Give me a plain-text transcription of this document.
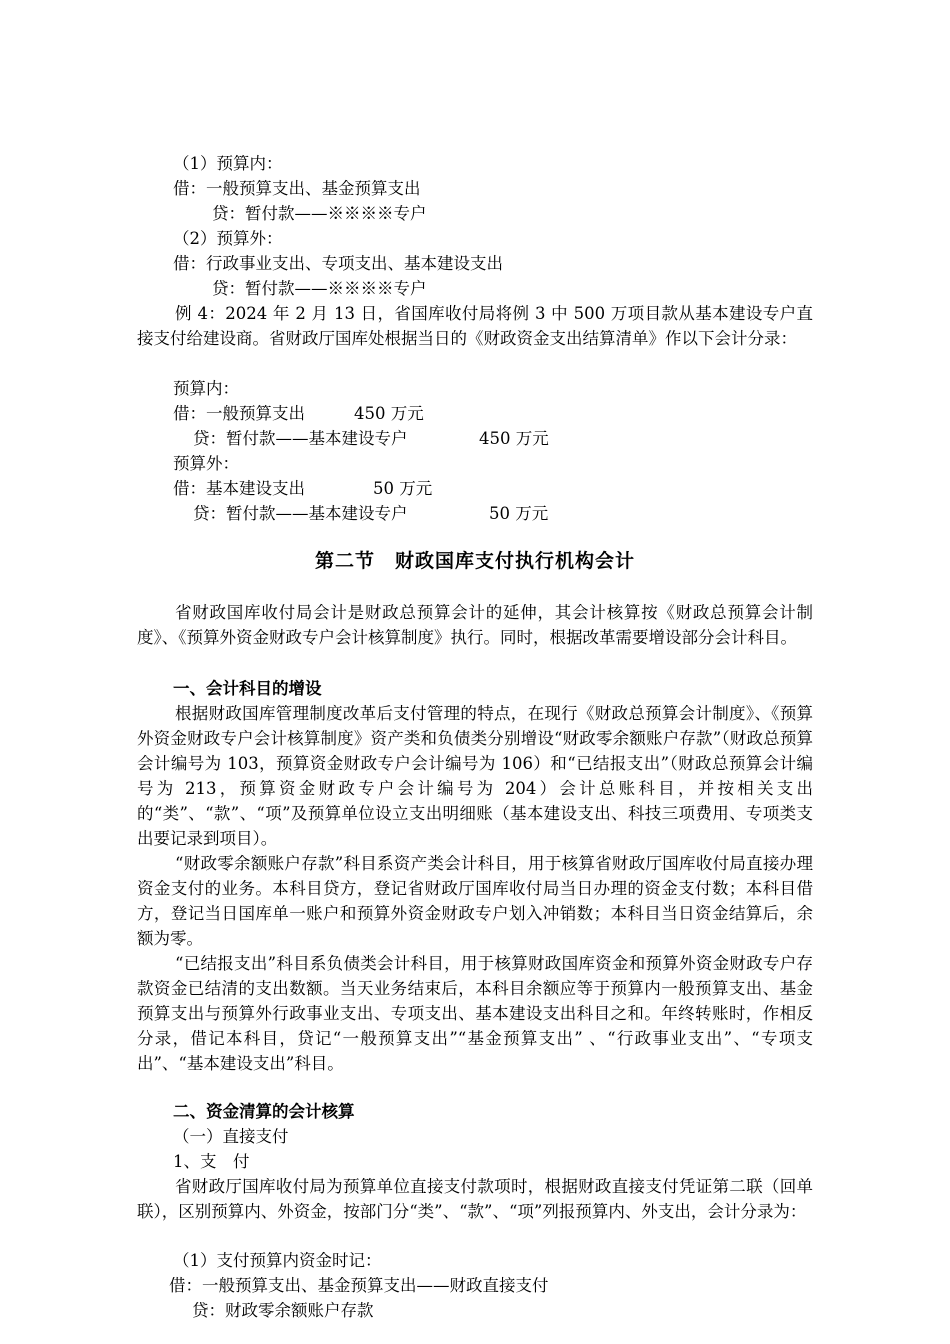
（1）预算内：
借：一般预算支出、基金预算支出
贷：暂付款——※※※※专户
（2）预算外：
借：行政事业支出、专项支出、基本建设支出
贷：暂付款——※※※※专户
例 4：2024 年 2 月 13 日，省国库收付局将例 3 中 500 万项目款从基本建设专户直接支付给建设商。省财政厅国库处根据当日的《财政资金支出结算清单》作以下会计分录：
预算内：
借：一般预算支出	450 万元
贷：暂付款——基本建设专户	450 万元
预算外：
借：基本建设支出	50 万元
贷：暂付款——基本建设专户	50 万元
第二节　财政国库支付执行机构会计
省财政国库收付局会计是财政总预算会计的延伸，其会计核算按《财政总预算会计制度》、《预算外资金财政专户会计核算制度》执行。同时，根据改革需要增设部分会计科目。
一、会计科目的增设
根据财政国库管理制度改革后支付管理的特点，在现行《财政总预算会计制度》、《预算外资金财政专户会计核算制度》资产类和负债类分别增设“财政零余额账户存款”（财政总预算会计编号为 103，预算资金财政专户会计编号为 106）和“已结报支出”（财政总预算会计编号为 213，预算资金财政专户会计编号为 204）会计总账科目，并按相关支出的“类”、“款”、“项”及预算单位设立支出明细账（基本建设支出、科技三项费用、专项类支出要记录到项目）。
“财政零余额账户存款”科目系资产类会计科目，用于核算省财政厅国库收付局直接办理资金支付的业务。本科目贷方，登记省财政厅国库收付局当日办理的资金支付数；本科目借方，登记当日国库单一账户和预算外资金财政专户划入冲销数；本科目当日资金结算后，余额为零。
“已结报支出”科目系负债类会计科目，用于核算财政国库资金和预算外资金财政专户存款资金已结清的支出数额。当天业务结束后，本科目余额应等于预算内一般预算支出、基金预算支出与预算外行政事业支出、专项支出、基本建设支出科目之和。年终转账时，作相反分录，借记本科目，贷记“一般预算支出”“基金预算支出” 、“行政事业支出”、“专项支出”、“基本建设支出”科目。
二、资金清算的会计核算
（一）直接支付
1、支　付
省财政厅国库收付局为预算单位直接支付款项时，根据财政直接支付凭证第二联（回单联），区别预算内、外资金，按部门分“类”、“款”、“项”列报预算内、外支出，会计分录为：
（1）支付预算内资金时记：
借：一般预算支出、基金预算支出——财政直接支付
贷：财政零余额账户存款
